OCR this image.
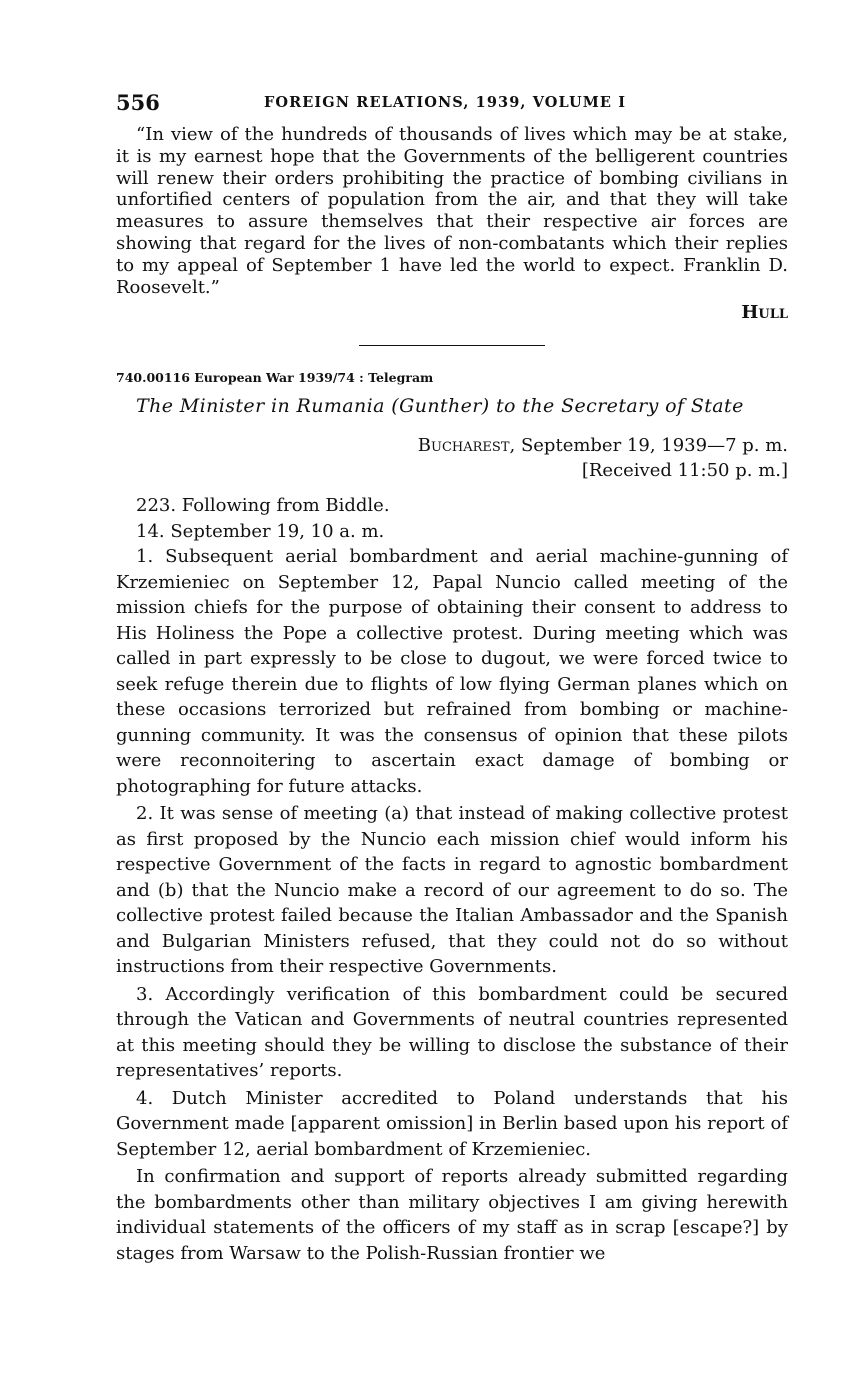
556	FOREIGN RELATIONS, 1939, VOLUME I

“In view of the hundreds of thousands of lives which may be at stake, it is my earnest hope that the Governments of the belligerent countries will renew their orders prohibiting the practice of bombing civilians in unfortified centers of population from the air, and that they will take measures to assure themselves that their respective air forces are showing that regard for the lives of non-combatants which their replies to my appeal of September 1 have led the world to expect. Franklin D. Roosevelt.”

Hull

740.00116 European War 1939/74 : Telegram

The Minister in Rumania (Gunther) to the Secretary of State

Bucharest, September 19, 1939—7 p. m.
[Received 11:50 p. m.]

223. Following from Biddle.

14. September 19, 10 a. m.

1. Subsequent aerial bombardment and aerial machine-gunning of Krzemieniec on September 12, Papal Nuncio called meeting of the mission chiefs for the purpose of obtaining their consent to address to His Holiness the Pope a collective protest. During meeting which was called in part expressly to be close to dugout, we were forced twice to seek refuge therein due to flights of low flying German planes which on these occasions terrorized but refrained from bombing or machine-gunning community. It was the consensus of opinion that these pilots were reconnoitering to ascertain exact damage of bombing or photographing for future attacks.

2. It was sense of meeting (a) that instead of making collective protest as first proposed by the Nuncio each mission chief would inform his respective Government of the facts in regard to agnostic bombardment and (b) that the Nuncio make a record of our agreement to do so. The collective protest failed because the Italian Ambassador and the Spanish and Bulgarian Ministers refused, that they could not do so without instructions from their respective Governments.

3. Accordingly verification of this bombardment could be secured through the Vatican and Governments of neutral countries represented at this meeting should they be willing to disclose the substance of their representatives’ reports.

4. Dutch Minister accredited to Poland understands that his Government made [apparent omission] in Berlin based upon his report of September 12, aerial bombardment of Krzemieniec.

In confirmation and support of reports already submitted regarding the bombardments other than military objectives I am giving herewith individual statements of the officers of my staff as in scrap [escape?] by stages from Warsaw to the Polish-Russian frontier we
